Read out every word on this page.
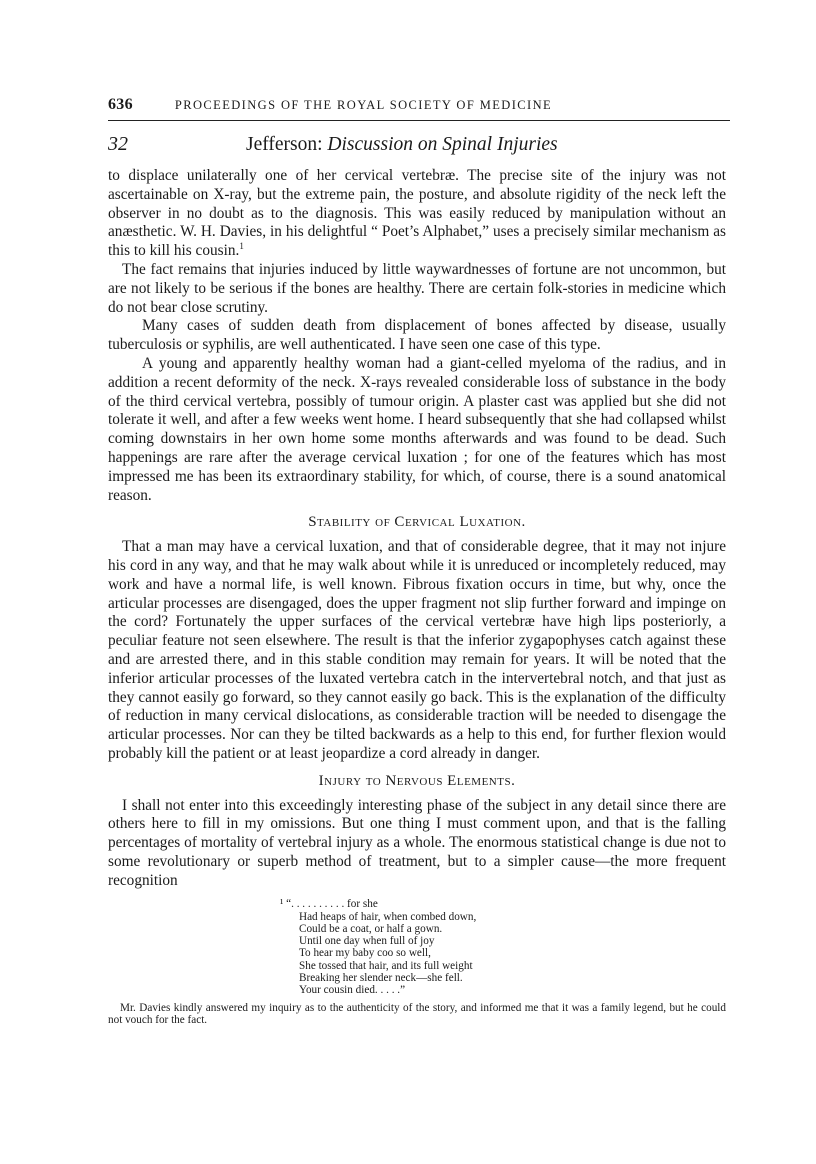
636	PROCEEDINGS OF THE ROYAL SOCIETY OF MEDICINE
32	Jefferson: Discussion on Spinal Injuries

to displace unilaterally one of her cervical vertebræ. The precise site of the injury was not ascertainable on X-ray, but the extreme pain, the posture, and absolute rigidity of the neck left the observer in no doubt as to the diagnosis. This was easily reduced by manipulation without an anæsthetic. W. H. Davies, in his delightful “ Poet’s Alphabet,” uses a precisely similar mechanism as this to kill his cousin.$^1$

The fact remains that injuries induced by little waywardnesses of fortune are not uncommon, but are not likely to be serious if the bones are healthy. There are certain folk-stories in medicine which do not bear close scrutiny.

Many cases of sudden death from displacement of bones affected by disease, usually tuberculosis or syphilis, are well authenticated. I have seen one case of this type.

A young and apparently healthy woman had a giant-celled myeloma of the radius, and in addition a recent deformity of the neck. X-rays revealed considerable loss of substance in the body of the third cervical vertebra, possibly of tumour origin. A plaster cast was applied but she did not tolerate it well, and after a few weeks went home. I heard subsequently that she had collapsed whilst coming downstairs in her own home some months afterwards and was found to be dead. Such happenings are rare after the average cervical luxation ; for one of the features which has most impressed me has been its extraordinary stability, for which, of course, there is a sound anatomical reason.

Stability of Cervical Luxation.

That a man may have a cervical luxation, and that of considerable degree, that it may not injure his cord in any way, and that he may walk about while it is unreduced or incompletely reduced, may work and have a normal life, is well known. Fibrous fixation occurs in time, but why, once the articular processes are disengaged, does the upper fragment not slip further forward and impinge on the cord? Fortunately the upper surfaces of the cervical vertebræ have high lips posteriorly, a peculiar feature not seen elsewhere. The result is that the inferior zygapophyses catch against these and are arrested there, and in this stable condition may remain for years. It will be noted that the inferior articular processes of the luxated vertebra catch in the intervertebral notch, and that just as they cannot easily go forward, so they cannot easily go back. This is the explanation of the difficulty of reduction in many cervical dislocations, as considerable traction will be needed to disengage the articular processes. Nor can they be tilted backwards as a help to this end, for further flexion would probably kill the patient or at least jeopardize a cord already in danger.

Injury to Nervous Elements.

I shall not enter into this exceedingly interesting phase of the subject in any detail since there are others here to fill in my omissions. But one thing I must comment upon, and that is the falling percentages of mortality of vertebral injury as a whole. The enormous statistical change is due not to some revolutionary or superb method of treatment, but to a simpler cause—the more frequent recognition

¹ “. . . . . . . . . . for she
Had heaps of hair, when combed down,
Could be a coat, or half a gown.
Until one day when full of joy
To hear my baby coo so well,
She tossed that hair, and its full weight
Breaking her slender neck—she fell.
Your cousin died. . . . .”
Mr. Davies kindly answered my inquiry as to the authenticity of the story, and informed me that it was a family legend, but he could not vouch for the fact.
